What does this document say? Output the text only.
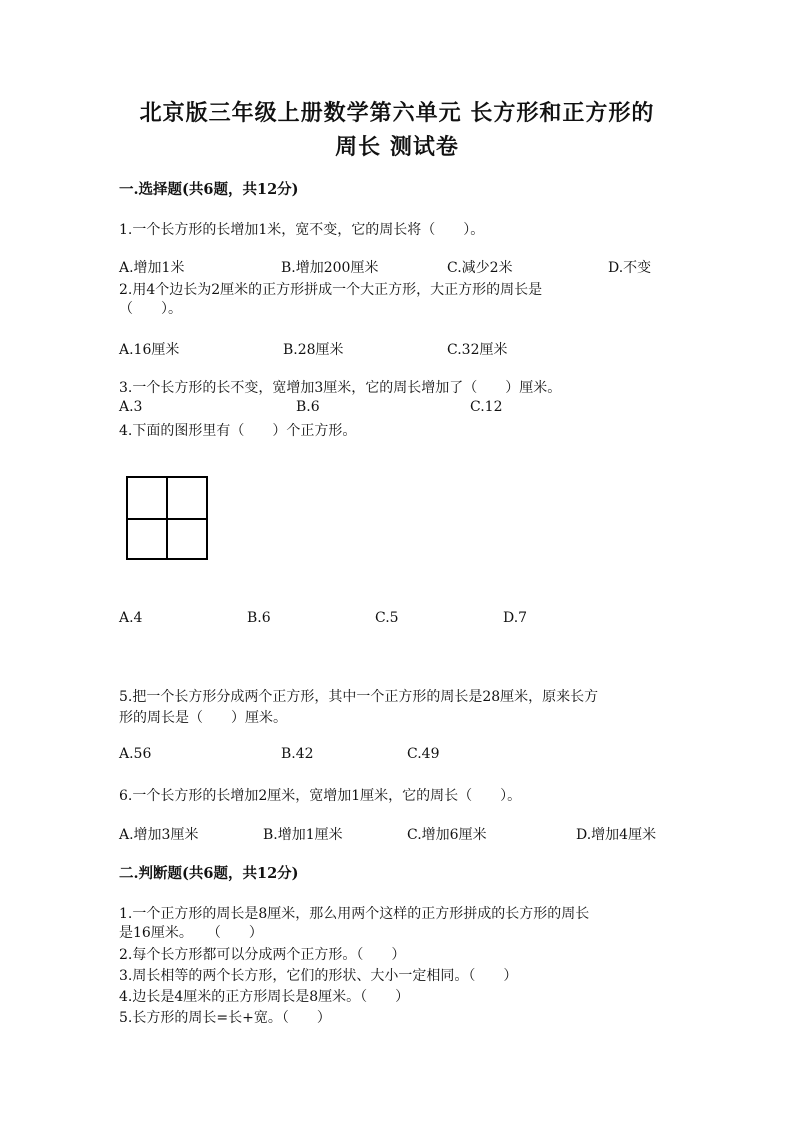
北京版三年级上册数学第六单元 长方形和正方形的
周长 测试卷
一.选择题(共6题，共12分)
1.一个长方形的长增加1米，宽不变，它的周长将（　　）。
A.增加1米	B.增加200厘米	C.减少2米	D.不变
2.用4个边长为2厘米的正方形拼成一个大正方形，大正方形的周长是
（　　）。
A.16厘米	B.28厘米	C.32厘米
3.一个长方形的长不变，宽增加3厘米，它的周长增加了（　　）厘米。
A.3	B.6	C.12
4.下面的图形里有（　　）个正方形。
A.4	B.6	C.5	D.7
5.把一个长方形分成两个正方形，其中一个正方形的周长是28厘米，原来长方
形的周长是（　　）厘米。
A.56	B.42	C.49
6.一个长方形的长增加2厘米，宽增加1厘米，它的周长（　　）。
A.增加3厘米	B.增加1厘米	C.增加6厘米	D.增加4厘米
二.判断题(共6题，共12分)
1.一个正方形的周长是8厘米，那么用两个这样的正方形拼成的长方形的周长
是16厘米。　　（　　）
2.每个长方形都可以分成两个正方形。（　　）
3.周长相等的两个长方形，它们的形状、大小一定相同。（　　）
4.边长是4厘米的正方形周长是8厘米。（　　）
5.长方形的周长=长+宽。（　　）
